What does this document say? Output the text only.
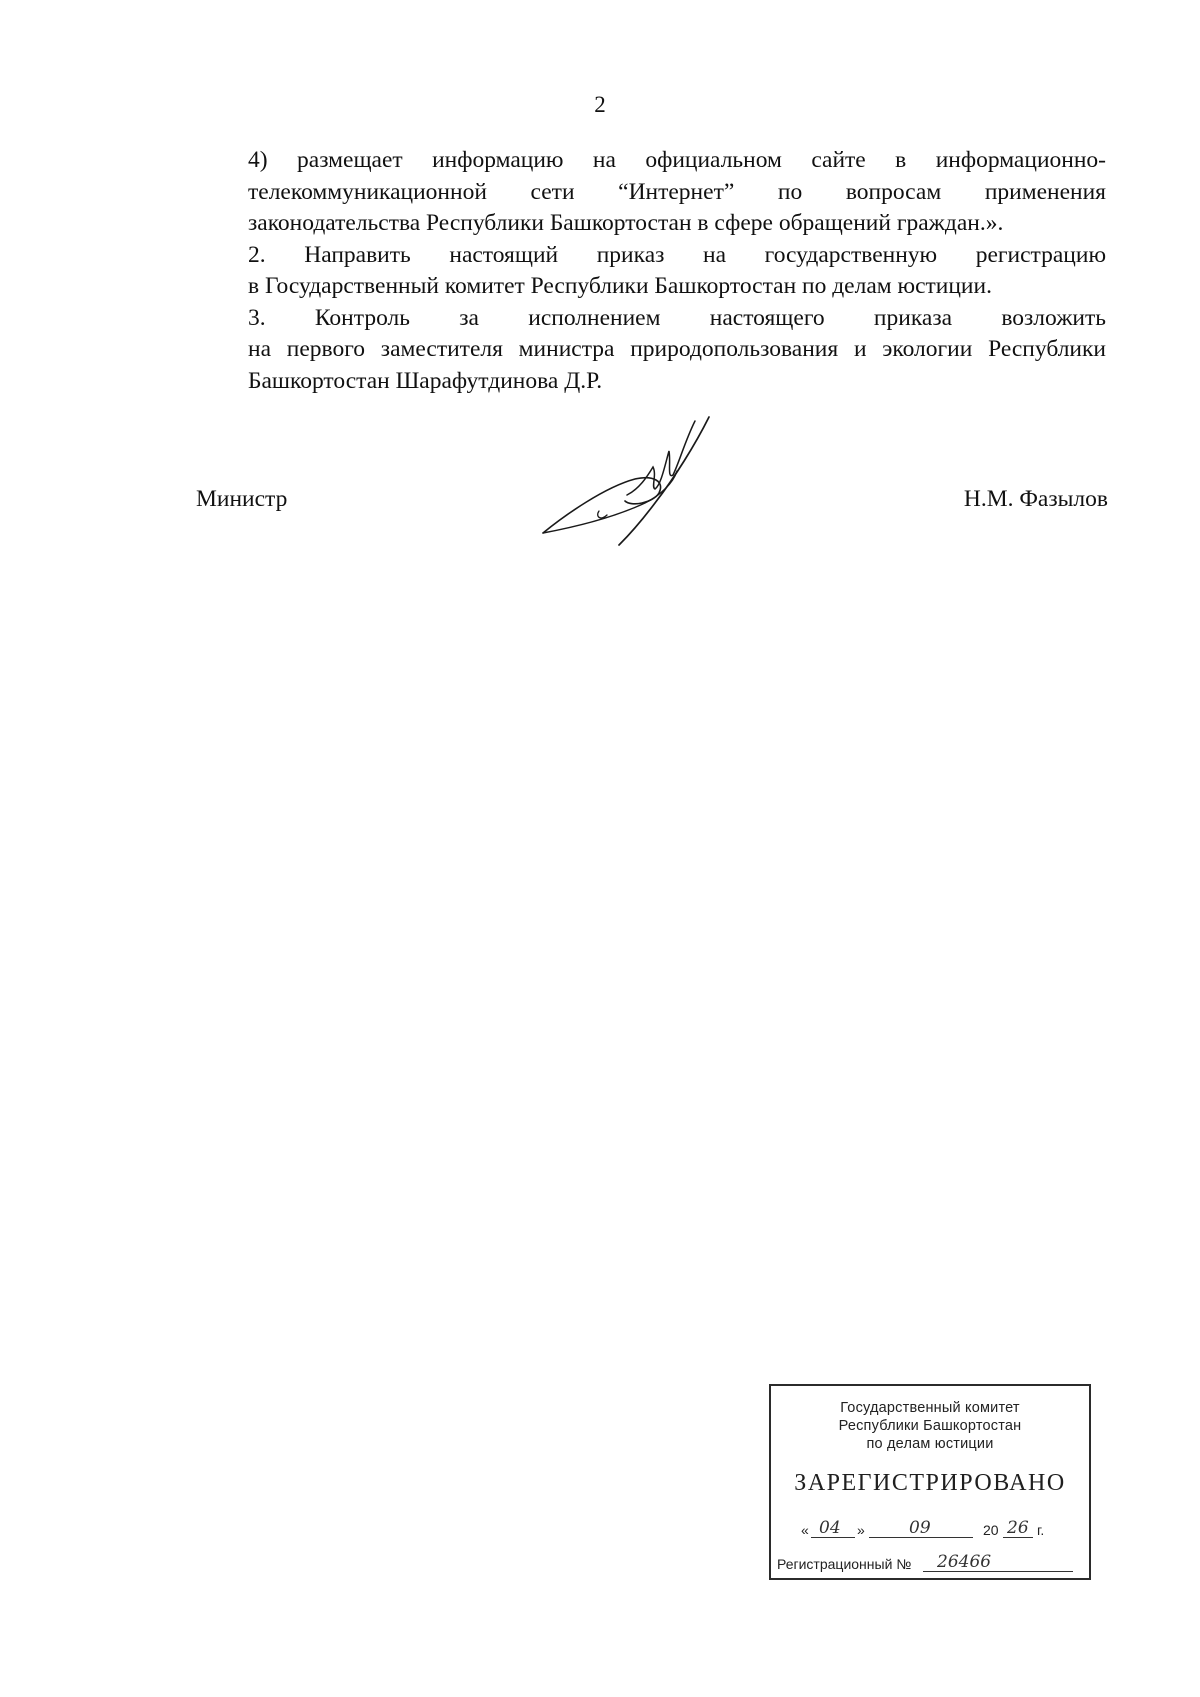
2

4) размещает информацию на официальном сайте в информационно-
телекоммуникационной сети “Интернет” по вопросам применения
законодательства Республики Башкортостан в сфере обращений граждан.».

2. Направить настоящий приказ на государственную регистрацию
в Государственный комитет Республики Башкортостан по делам юстиции.

3. Контроль за исполнением настоящего приказа возложить
на первого заместителя министра природопользования и экологии Республики
Башкортостан Шарафутдинова Д.Р.

Министр	Н.М. Фазылов
Государственный комитет
Республики Башкортостан
по делам юстиции
ЗАРЕГИСТРИРОВАНО
« 04 »	09	20 26 г.
Регистрационный № 26466
